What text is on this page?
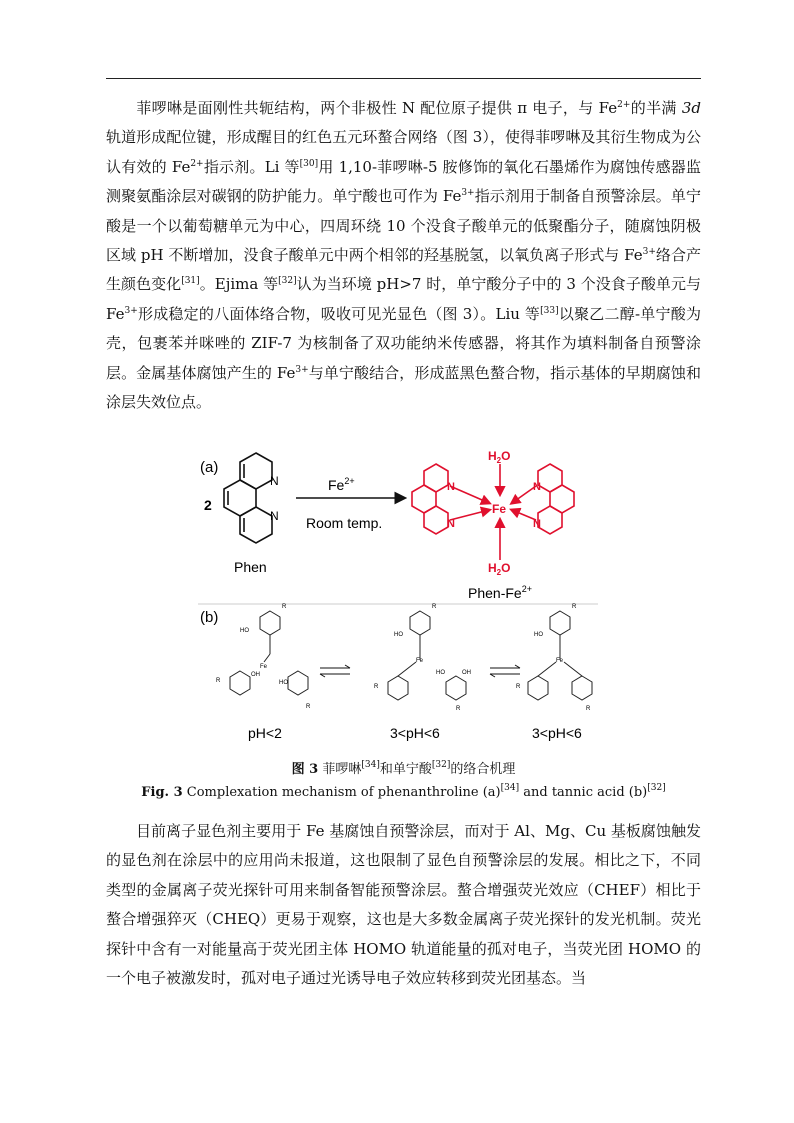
菲啰啉是面刚性共轭结构，两个非极性 N 配位原子提供 π 电子，与 $Fe^{2+}$的半满 3d 轨道形成配位键，形成醒目的红色五元环螯合网络（图 3），使得菲啰啉及其衍生物成为公认有效的 $Fe^{2+}$指示剂。Li 等[30]用 1,10-菲啰啉-5 胺修饰的氧化石墨烯作为腐蚀传感器监测聚氨酯涂层对碳钢的防护能力。单宁酸也可作为 $Fe^{3+}$指示剂用于制备自预警涂层。单宁酸是一个以葡萄糖单元为中心，四周环绕 10 个没食子酸单元的低聚酯分子，随腐蚀阴极区域 pH 不断增加，没食子酸单元中两个相邻的羟基脱氢，以氧负离子形式与 $Fe^{3+}$络合产生颜色变化[31]。Ejima 等[32]认为当环境 pH>7 时，单宁酸分子中的 3 个没食子酸单元与 $Fe^{3+}$形成稳定的八面体络合物，吸收可见光显色（图 3）。Liu 等[33]以聚乙二醇-单宁酸为壳，包裹苯并咪唑的 ZIF-7 为核制备了双功能纳米传感器，将其作为填料制备自预警涂层。金属基体腐蚀产生的 $Fe^{3+}$与单宁酸结合，形成蓝黑色螯合物，指示基体的早期腐蚀和涂层失效位点。

(a)
2
N
N
Phen
$Fe^{2+}$
Room temp.
Fe
$H_2O$
$H_2O$
N
N
N
N
Phen-$Fe^{2+}$
(b)
HO
R
Fe
R
OH
HO
R
pH<2
HO
R
Fe
R
HO	OH
R
3<pH<6
HO
R
Fe
R
R
3<pH<6

图 3 菲啰啉[34]和单宁酸[32]的络合机理

Fig. 3 Complexation mechanism of phenanthroline (a)[34] and tannic acid (b)[32]

目前离子显色剂主要用于 Fe 基腐蚀自预警涂层，而对于 Al、Mg、Cu 基板腐蚀触发的显色剂在涂层中的应用尚未报道，这也限制了显色自预警涂层的发展。相比之下，不同类型的金属离子荧光探针可用来制备智能预警涂层。螯合增强荧光效应（CHEF）相比于螯合增强猝灭（CHEQ）更易于观察，这也是大多数金属离子荧光探针的发光机制。荧光探针中含有一对能量高于荧光团主体 HOMO 轨道能量的孤对电子，当荧光团 HOMO 的一个电子被激发时，孤对电子通过光诱导电子效应转移到荧光团基态。当
